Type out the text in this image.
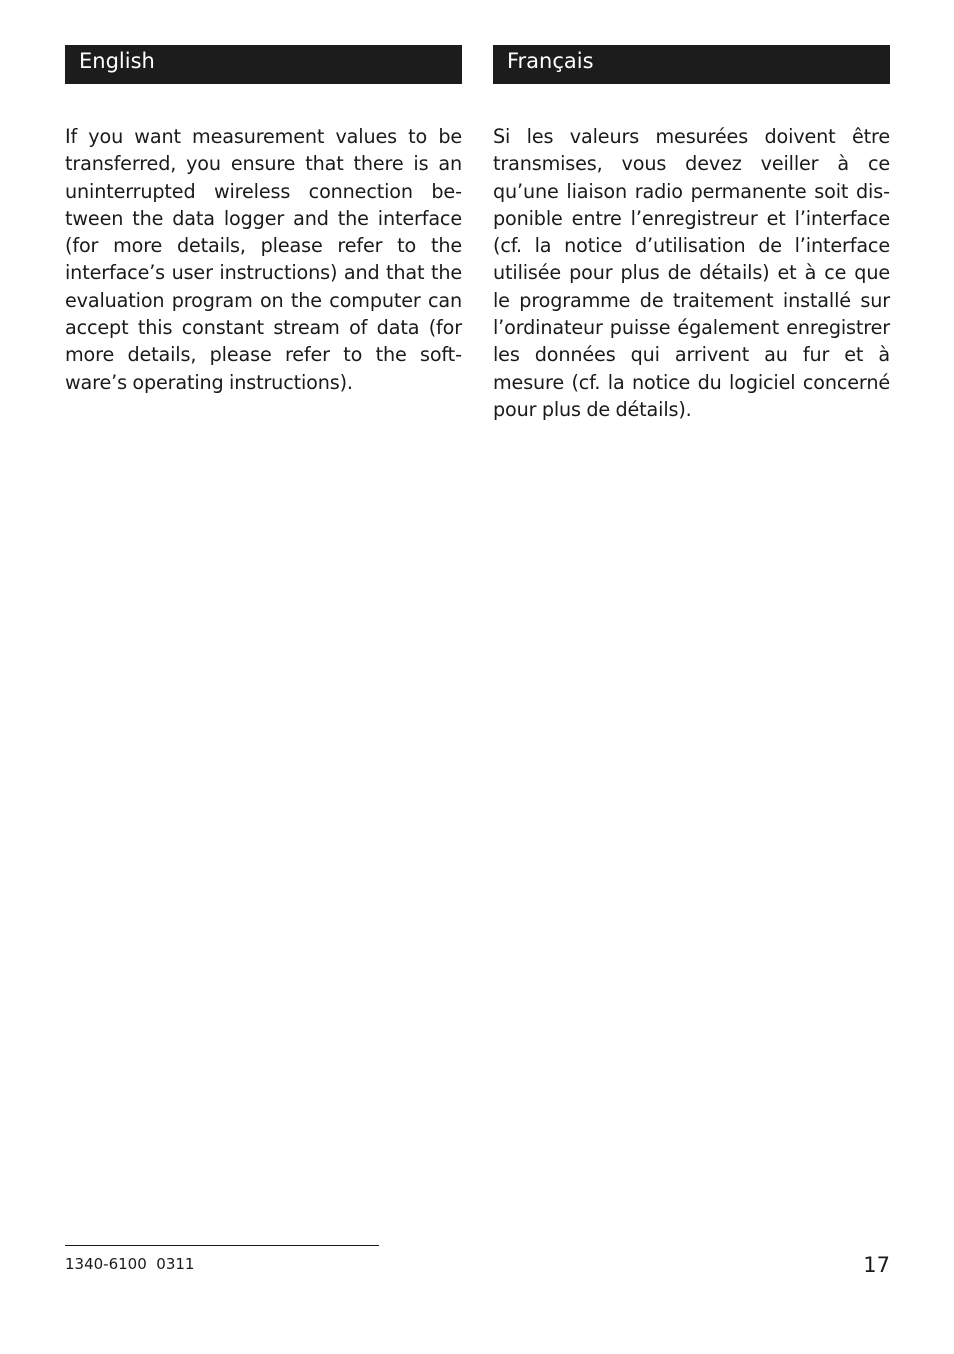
English

If you want measurement values to be transferred, you ensure that there is an uninterrupted wireless connection between the data logger and the interface (for more details, please refer to the interface’s user instructions) and that the evaluation program on the computer can accept this constant stream of data (for more details, please refer to the software’s operating instructions).

Français

Si les valeurs mesurées doivent être transmises, vous devez veiller à ce qu’une liaison radio permanente soit disponible entre l’enregistreur et l’interface (cf. la notice d’utilisation de l’interface utilisée pour plus de détails) et à ce que le programme de traitement installé sur l’ordinateur puisse également enregistrer les données qui arrivent au fur et à mesure (cf. la notice du logiciel concerné pour plus de détails).

1340-6100  0311	17
